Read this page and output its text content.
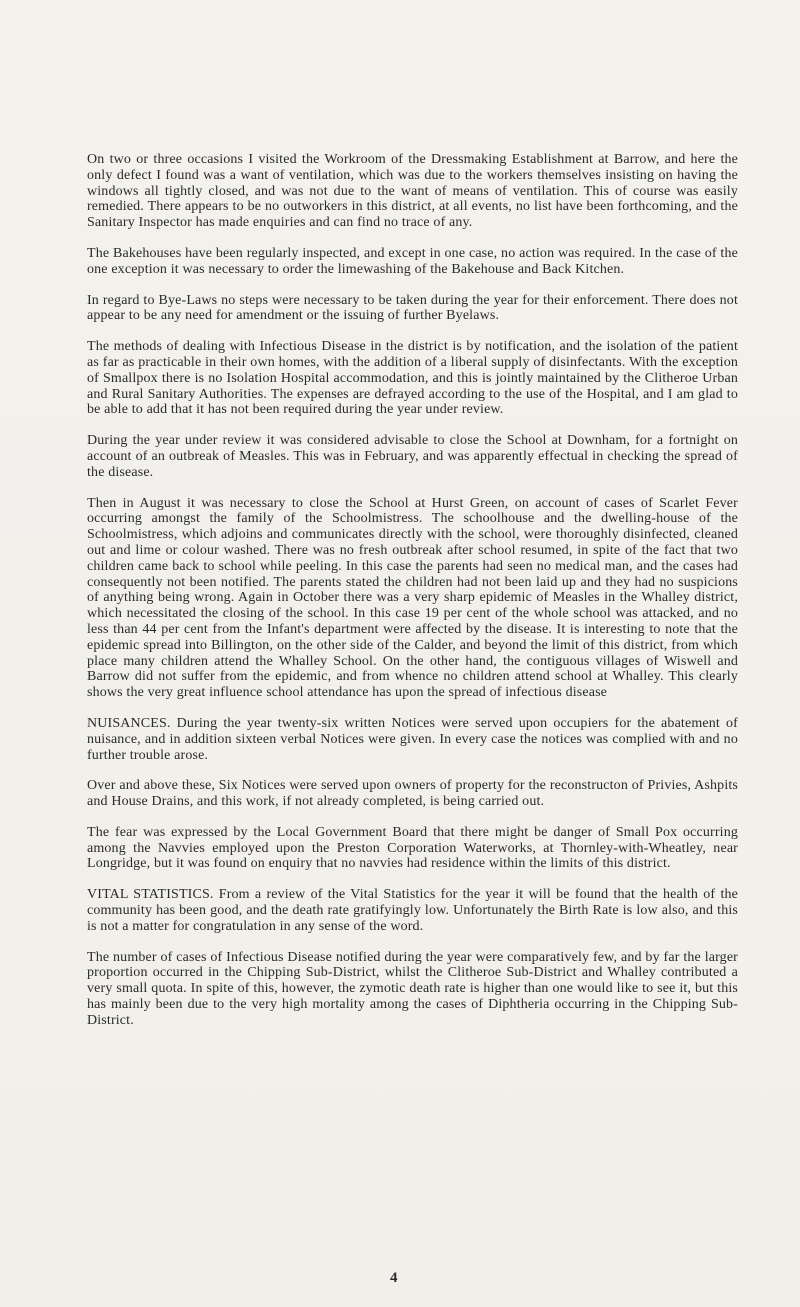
On two or three occasions I visited the Workroom of the Dressmaking Establishment at Barrow, and here the only defect I found was a want of ventilation, which was due to the workers themselves insisting on having the windows all tightly closed, and was not due to the want of means of ventilation. This of course was easily remedied. There appears to be no outworkers in this district, at all events, no list have been forthcoming, and the Sanitary Inspector has made enquiries and can find no trace of any.

The Bakehouses have been regularly inspected, and except in one case, no action was required. In the case of the one exception it was necessary to order the limewashing of the Bakehouse and Back Kitchen.

In regard to Bye-Laws no steps were necessary to be taken during the year for their enforcement. There does not appear to be any need for amendment or the issuing of further Byelaws.

The methods of dealing with Infectious Disease in the district is by notification, and the isolation of the patient as far as practicable in their own homes, with the addition of a liberal supply of disinfectants. With the exception of Smallpox there is no Isolation Hospital accommodation, and this is jointly maintained by the Clitheroe Urban and Rural Sanitary Authorities. The expenses are defrayed according to the use of the Hospital, and I am glad to be able to add that it has not been required during the year under review.

During the year under review it was considered advisable to close the School at Downham, for a fortnight on account of an outbreak of Measles. This was in February, and was apparently effectual in checking the spread of the disease.

Then in August it was necessary to close the School at Hurst Green, on account of cases of Scarlet Fever occurring amongst the family of the Schoolmistress. The schoolhouse and the dwelling-house of the Schoolmistress, which adjoins and communicates directly with the school, were thoroughly disinfected, cleaned out and lime or colour washed. There was no fresh outbreak after school resumed, in spite of the fact that two children came back to school while peeling. In this case the parents had seen no medical man, and the cases had consequently not been notified. The parents stated the children had not been laid up and they had no suspicions of anything being wrong. Again in October there was a very sharp epidemic of Measles in the Whalley district, which necessitated the closing of the school. In this case 19 per cent of the whole school was attacked, and no less than 44 per cent from the Infant's department were affected by the disease. It is interesting to note that the epidemic spread into Billington, on the other side of the Calder, and beyond the limit of this district, from which place many children attend the Whalley School. On the other hand, the contiguous villages of Wiswell and Barrow did not suffer from the epidemic, and from whence no children attend school at Whalley. This clearly shows the very great influence school attendance has upon the spread of infectious disease

NUISANCES. During the year twenty-six written Notices were served upon occupiers for the abatement of nuisance, and in addition sixteen verbal Notices were given. In every case the notices was complied with and no further trouble arose.

Over and above these, Six Notices were served upon owners of property for the reconstructon of Privies, Ashpits and House Drains, and this work, if not already completed, is being carried out.

The fear was expressed by the Local Government Board that there might be danger of Small Pox occurring among the Navvies employed upon the Preston Corporation Waterworks, at Thornley-with-Wheatley, near Longridge, but it was found on enquiry that no navvies had residence within the limits of this district.

VITAL STATISTICS. From a review of the Vital Statistics for the year it will be found that the health of the community has been good, and the death rate gratifyingly low. Unfortunately the Birth Rate is low also, and this is not a matter for congratulation in any sense of the word.

The number of cases of Infectious Disease notified during the year were comparatively few, and by far the larger proportion occurred in the Chipping Sub-District, whilst the Clitheroe Sub-District and Whalley contributed a very small quota. In spite of this, however, the zymotic death rate is higher than one would like to see it, but this has mainly been due to the very high mortality among the cases of Diphtheria occurring in the Chipping Sub-District.

4
